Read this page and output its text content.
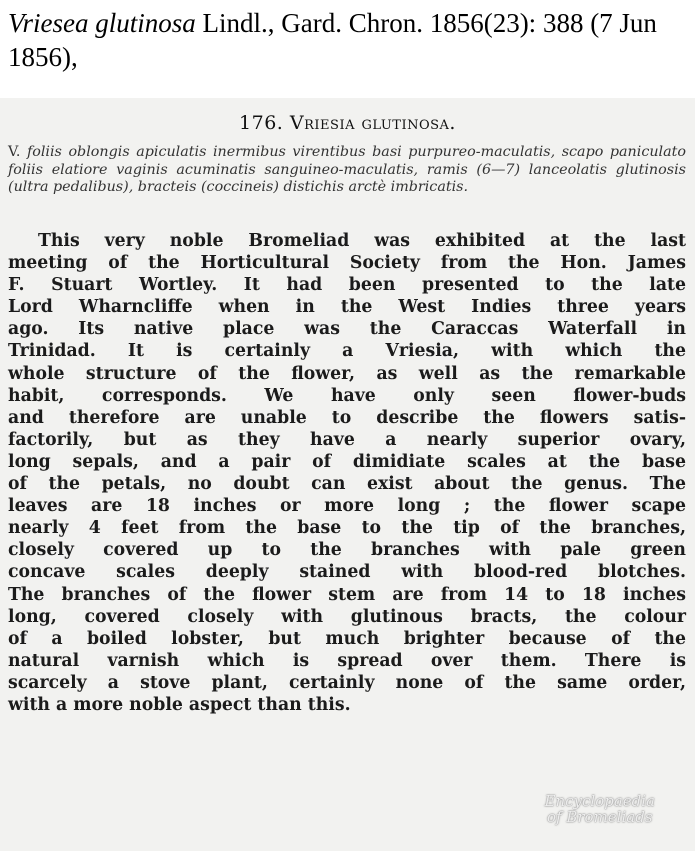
Vriesea glutinosa Lindl., Gard. Chron. 1856(23): 388 (7 Jun 1856),
176. Vriesia glutinosa.
V. foliis oblongis apiculatis inermibus virentibus basi purpureo-maculatis, scapo paniculato foliis elatiore vaginis acuminatis sanguineo-maculatis, ramis (6—7) lanceolatis glutinosis (ultra pedalibus), bracteis (coccineis) distichis arctè imbricatis.
This very noble Bromeliad was exhibited at the last
meeting of the Horticultural Society from the Hon. James
F. Stuart Wortley. It had been presented to the late
Lord Wharncliffe when in the West Indies three years
ago. Its native place was the Caraccas Waterfall in
Trinidad. It is certainly a Vriesia, with which the
whole structure of the flower, as well as the remarkable
habit, corresponds. We have only seen flower-buds
and therefore are unable to describe the flowers satis-
factorily, but as they have a nearly superior ovary,
long sepals, and a pair of dimidiate scales at the base
of the petals, no doubt can exist about the genus. The
leaves are 18 inches or more long ; the flower scape
nearly 4 feet from the base to the tip of the branches,
closely covered up to the branches with pale green
concave scales deeply stained with blood-red blotches.
The branches of the flower stem are from 14 to 18 inches
long, covered closely with glutinous bracts, the colour
of a boiled lobster, but much brighter because of the
natural varnish which is spread over them. There is
scarcely a stove plant, certainly none of the same order,
with a more noble aspect than this.
Encyclopaedia
of Bromeliads
